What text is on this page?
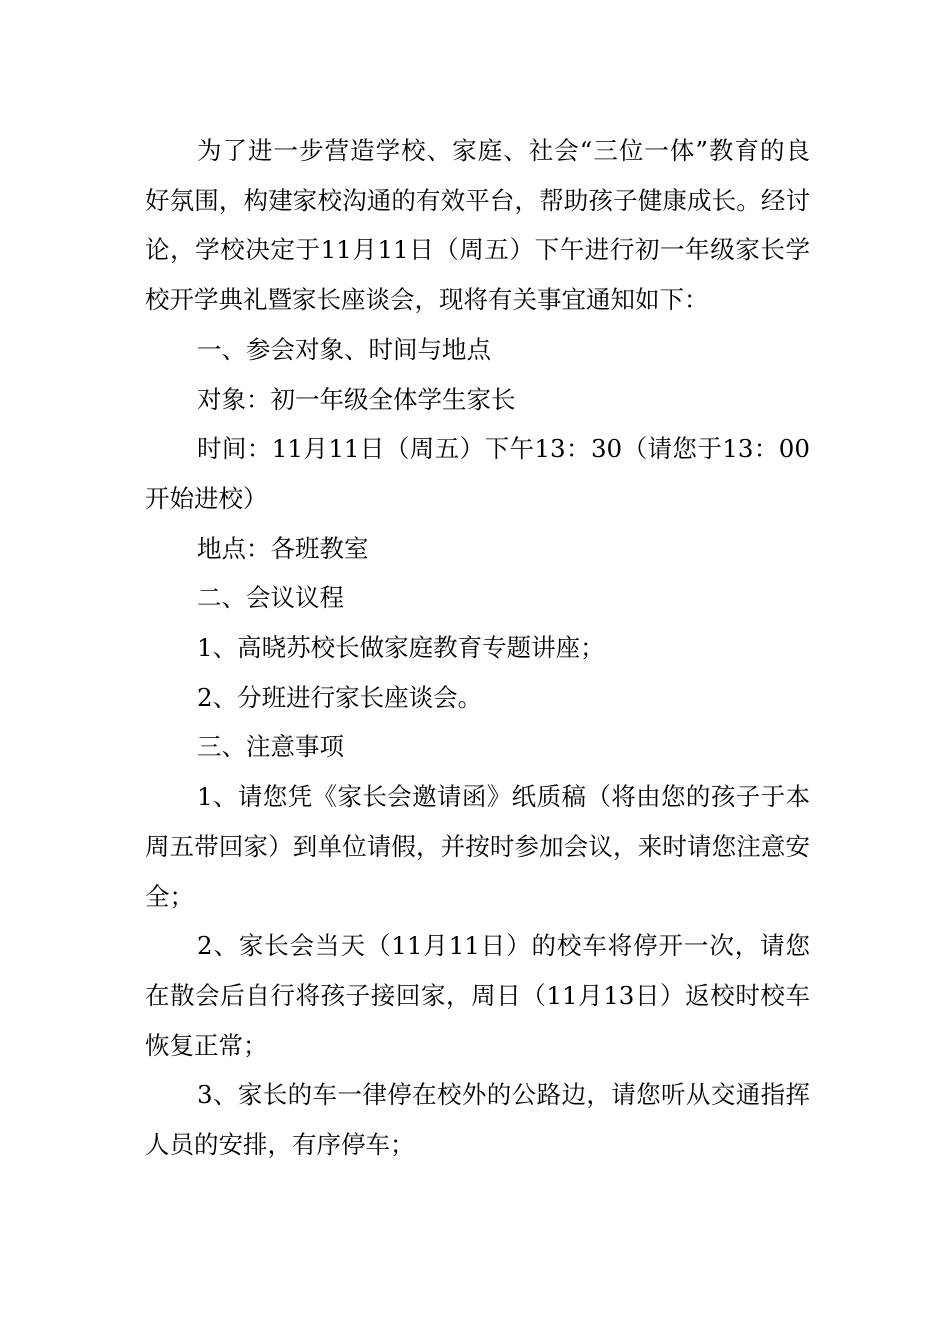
为了进一步营造学校、家庭、社会“三位一体”教育的良好氛围，构建家校沟通的有效平台，帮助孩子健康成长。经讨论，学校决定于11月11日（周五）下午进行初一年级家长学校开学典礼暨家长座谈会，现将有关事宜通知如下：

一、参会对象、时间与地点

对象：初一年级全体学生家长

时间：11月11日（周五）下午13：30（请您于13：00开始进校）

地点：各班教室

二、会议议程

1、高晓苏校长做家庭教育专题讲座；

2、分班进行家长座谈会。

三、注意事项

1、请您凭《家长会邀请函》纸质稿（将由您的孩子于本周五带回家）到单位请假，并按时参加会议，来时请您注意安全；

2、家长会当天（11月11日）的校车将停开一次，请您在散会后自行将孩子接回家，周日（11月13日）返校时校车恢复正常；

3、家长的车一律停在校外的公路边，请您听从交通指挥人员的安排，有序停车；
